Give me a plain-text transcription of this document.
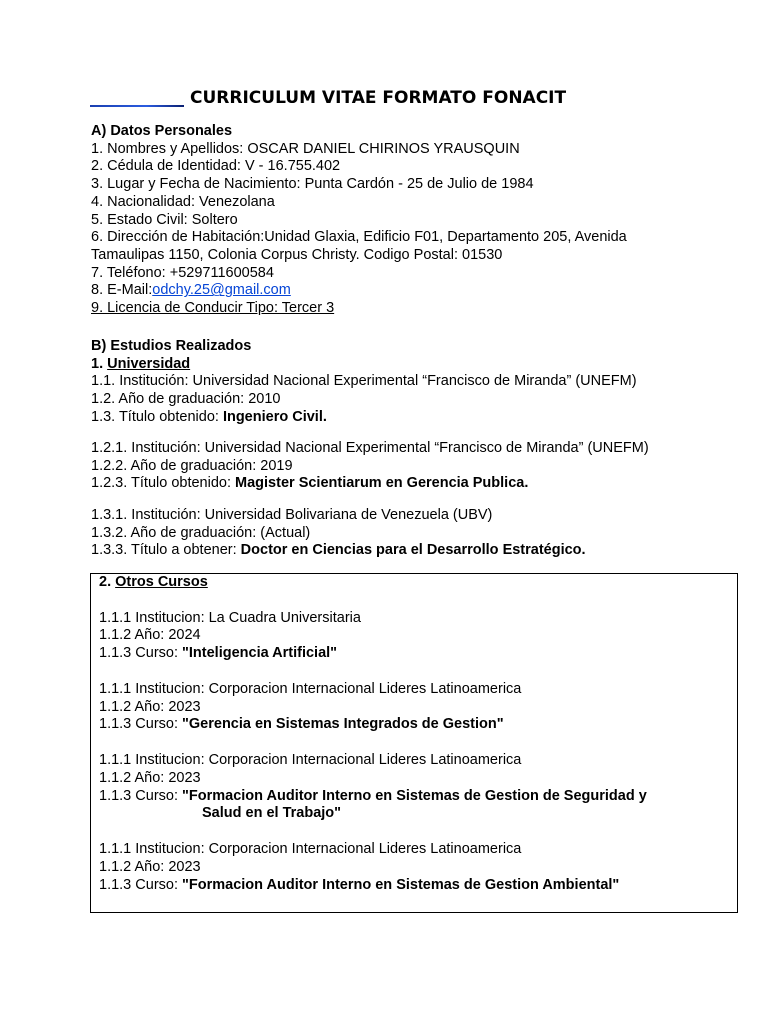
CURRICULUM VITAE FORMATO FONACIT
A) Datos Personales
1. Nombres y Apellidos: OSCAR DANIEL CHIRINOS YRAUSQUIN
2. Cédula de Identidad: V - 16.755.402
3. Lugar y Fecha de Nacimiento: Punta Cardón - 25 de Julio de 1984
4. Nacionalidad: Venezolana
5. Estado Civil: Soltero
6. Dirección de Habitación:Unidad Glaxia, Edificio F01, Departamento 205, Avenida
Tamaulipas 1150, Colonia Corpus Christy. Codigo Postal: 01530
7. Teléfono: +529711600584
8. E-Mail:odchy.25@gmail.com
9. Licencia de Conducir Tipo: Tercer 3
B) Estudios Realizados
1. Universidad
1.1. Institución: Universidad Nacional Experimental “Francisco de Miranda” (UNEFM)
1.2. Año de graduación: 2010
1.3. Título obtenido: Ingeniero Civil.
1.2.1. Institución: Universidad Nacional Experimental “Francisco de Miranda” (UNEFM)
1.2.2. Año de graduación: 2019
1.2.3. Título obtenido: Magister Scientiarum en Gerencia Publica.
1.3.1. Institución: Universidad Bolivariana de Venezuela (UBV)
1.3.2. Año de graduación: (Actual)
1.3.3. Título a obtener: Doctor en Ciencias para el Desarrollo Estratégico.
2. Otros Cursos
1.1.1 Institucion: La Cuadra Universitaria
1.1.2 Año: 2024
1.1.3 Curso: "Inteligencia Artificial"
1.1.1 Institucion: Corporacion Internacional Lideres Latinoamerica
1.1.2 Año: 2023
1.1.3 Curso: "Gerencia en Sistemas Integrados de Gestion"
1.1.1 Institucion: Corporacion Internacional Lideres Latinoamerica
1.1.2 Año: 2023
1.1.3 Curso: "Formacion Auditor Interno en Sistemas de Gestion de Seguridad y
Salud en el Trabajo"
1.1.1 Institucion: Corporacion Internacional Lideres Latinoamerica
1.1.2 Año: 2023
1.1.3 Curso: "Formacion Auditor Interno en Sistemas de Gestion Ambiental"
